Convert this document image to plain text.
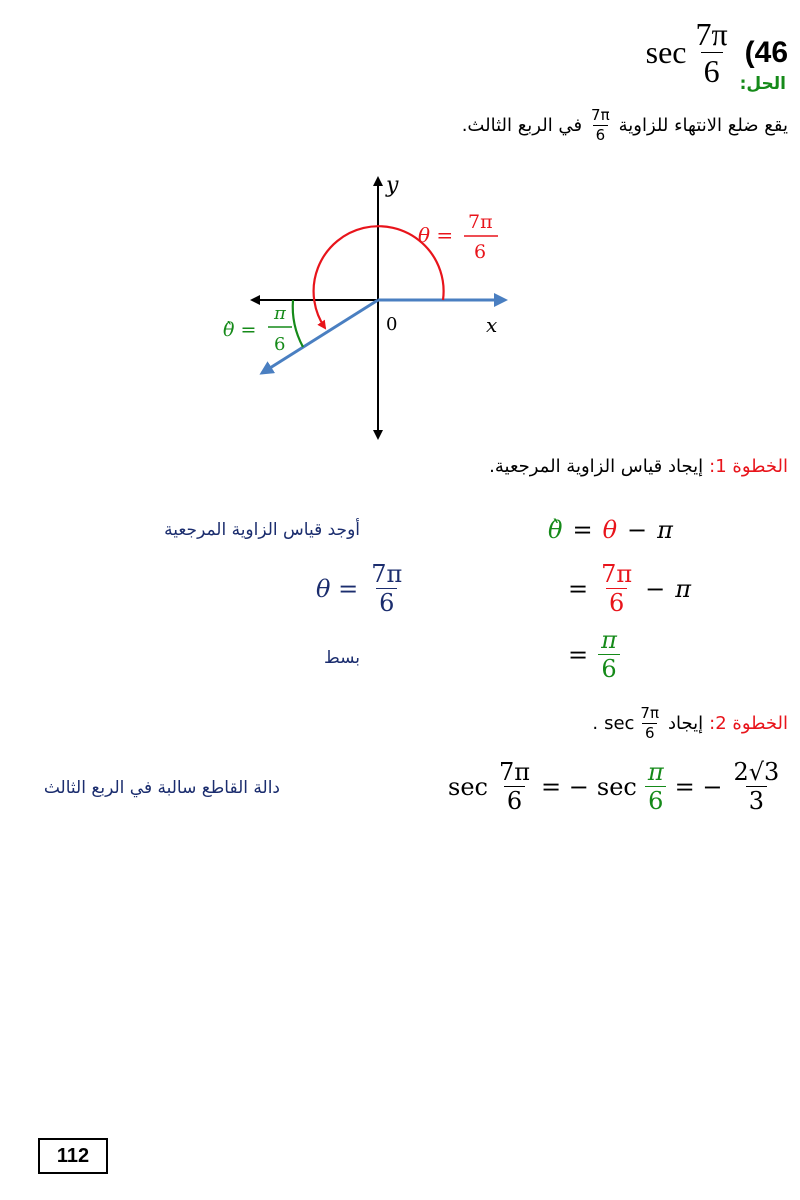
$\sec \frac{7\pi}{6} (46$
الحل:
يقع ضلع الانتهاء للزاوية
$\frac{7\pi}{6}$
في الربع الثالث.
y
x
0
θ =
7π
6
θ̀ =
π
6
الخطوة 1:
إيجاد قياس الزاوية المرجعية.
θ̀ = θ − π
أوجد قياس الزاوية المرجعية
= $\frac{7\pi}{6} - \pi$
$\theta = \frac{7\pi}{6}$
= $\frac{\pi}{6}$
بسط
الخطوة 2:
إيجاد
$\sec \frac{7\pi}{6}$
.
$\sec \frac{7\pi}{6}$ = − $\sec \frac{\pi}{6}$ = − $\frac{2√3}{3}$
دالة القاطع سالبة في الربع الثالث
112
